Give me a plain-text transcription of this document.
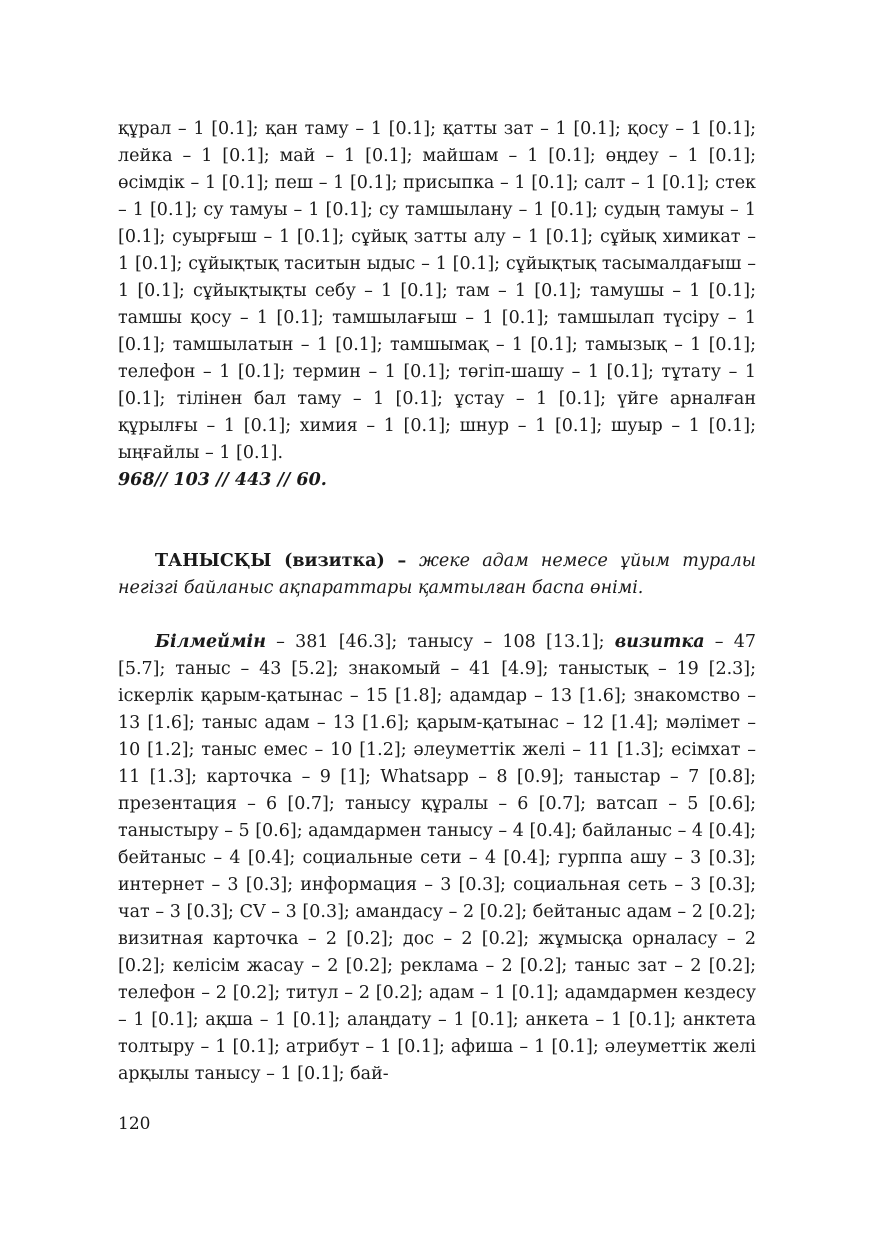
құрал – 1 [0.1]; қан таму – 1 [0.1]; қатты зат – 1 [0.1]; қосу – 1 [0.1]; лейка – 1 [0.1]; май – 1 [0.1]; майшам – 1 [0.1]; өңдеу – 1 [0.1]; өсімдік – 1 [0.1]; пеш – 1 [0.1]; присыпка – 1 [0.1]; салт – 1 [0.1]; стек – 1 [0.1]; су тамуы – 1 [0.1]; су тамшылану – 1 [0.1]; судың тамуы – 1 [0.1]; суырғыш – 1 [0.1]; сұйық затты алу – 1 [0.1]; сұйық химикат – 1 [0.1]; сұйықтық таситын ыдыс – 1 [0.1]; сұйықтық тасымалдағыш – 1 [0.1]; сұйықтықты себу – 1 [0.1]; там – 1 [0.1]; тамушы – 1 [0.1]; тамшы қосу – 1 [0.1]; тамшылағыш – 1 [0.1]; тамшылап түсіру – 1 [0.1]; тамшылатын – 1 [0.1]; тамшымақ – 1 [0.1]; тамызық – 1 [0.1]; телефон – 1 [0.1]; термин – 1 [0.1]; төгіп-шашу – 1 [0.1]; тұтату – 1 [0.1]; тілінен бал таму – 1 [0.1]; ұстау – 1 [0.1]; үйге арналған құрылғы – 1 [0.1]; химия – 1 [0.1]; шнур – 1 [0.1]; шуыр – 1 [0.1]; ыңғайлы – 1 [0.1].
968// 103 // 443 // 60.

ТАНЫСҚЫ (визитка) – жеке адам немесе ұйым туралы негізгі байланыс ақпараттары қамтылған баспа өнімі.

Білмеймін – 381 [46.3]; танысу – 108 [13.1]; визитка – 47 [5.7]; таныс – 43 [5.2]; знакомый – 41 [4.9]; таныстық – 19 [2.3]; іскерлік қарым-қатынас – 15 [1.8]; адамдар – 13 [1.6]; знакомство – 13 [1.6]; таныс адам – 13 [1.6]; қарым-қатынас – 12 [1.4]; мәлімет – 10 [1.2]; таныс емес – 10 [1.2]; әлеуметтік желі – 11 [1.3]; есімхат – 11 [1.3]; карточка – 9 [1]; Whatsapp – 8 [0.9]; таныстар – 7 [0.8]; презентация – 6 [0.7]; танысу құралы – 6 [0.7]; ватсап – 5 [0.6]; таныстыру – 5 [0.6]; адамдармен танысу – 4 [0.4]; байланыс – 4 [0.4]; бейтаныс – 4 [0.4]; социальные сети – 4 [0.4]; гурппа ашу – 3 [0.3]; интернет – 3 [0.3]; информация – 3 [0.3]; социальная сеть – 3 [0.3]; чат – 3 [0.3]; CV – 3 [0.3]; амандасу – 2 [0.2]; бейтаныс адам – 2 [0.2]; визитная карточка – 2 [0.2]; дос – 2 [0.2]; жұмысқа орналасу – 2 [0.2]; келісім жасау – 2 [0.2]; реклама – 2 [0.2]; таныс зат – 2 [0.2]; телефон – 2 [0.2]; титул – 2 [0.2]; адам – 1 [0.1]; адамдармен кездесу – 1 [0.1]; ақша – 1 [0.1]; алаңдату – 1 [0.1]; анкета – 1 [0.1]; анктета толтыру – 1 [0.1]; атрибут – 1 [0.1]; афиша – 1 [0.1]; әлеуметтік желі арқылы танысу – 1 [0.1]; бай-

120
